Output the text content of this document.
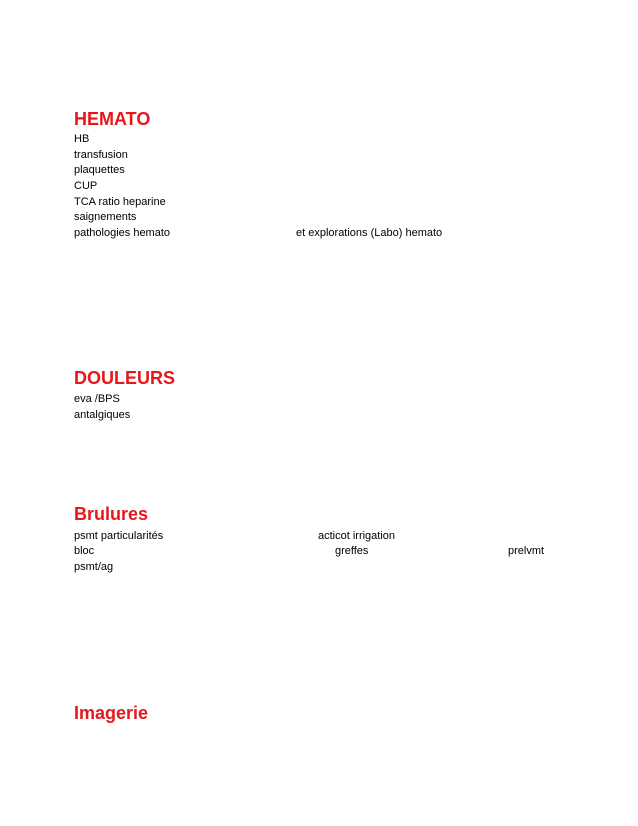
HEMATO
HB
transfusion
plaquettes
CUP
TCA ratio heparine
saignements
pathologies hemato	et explorations (Labo) hemato
DOULEURS
eva /BPS
antalgiques
Brulures
psmt particularités	acticot irrigation
bloc	greffes	prelvmt
psmt/ag
Imagerie
